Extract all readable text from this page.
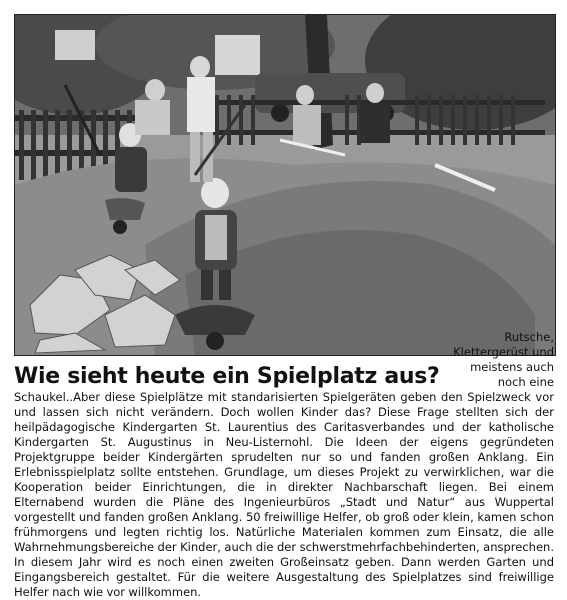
Wie sieht heute ein Spielplatz aus?
Rutsche, Klettergerüst und meistens auch noch eine

Schaukel..Aber diese Spielplätze mit standarisierten Spielgeräten geben den Spielzweck vor und lassen sich nicht verändern. Doch wollen Kinder das? Diese Frage stellten sich der heilpädagogische Kindergarten St. Laurentius des Caritasverbandes und der katholische Kindergarten St. Augustinus in Neu-Listernohl. Die Ideen der eigens gegründeten Projektgruppe beider Kindergärten sprudelten nur so und fanden großen Anklang. Ein Erlebnisspielplatz sollte entstehen. Grundlage, um dieses Projekt zu verwirklichen, war die Kooperation beider Einrichtungen, die in direkter Nachbarschaft liegen. Bei einem Elternabend wurden die Pläne des Ingenieurbüros „Stadt und Natur“ aus Wuppertal vorgestellt und fanden großen Anklang. 50 freiwillige Helfer, ob groß oder klein, kamen schon frühmorgens und legten richtig los. Natürliche Materialen kommen zum Einsatz, die alle Wahrnehmungsbereiche der Kinder, auch die der schwerstmehrfachbehinderten, ansprechen. In diesem Jahr wird es noch einen zweiten Großeinsatz geben. Dann werden Garten und Eingangsbereich gestaltet. Für die weitere Ausgestaltung des Spielplatzes sind freiwillige Helfer nach wie vor willkommen.
